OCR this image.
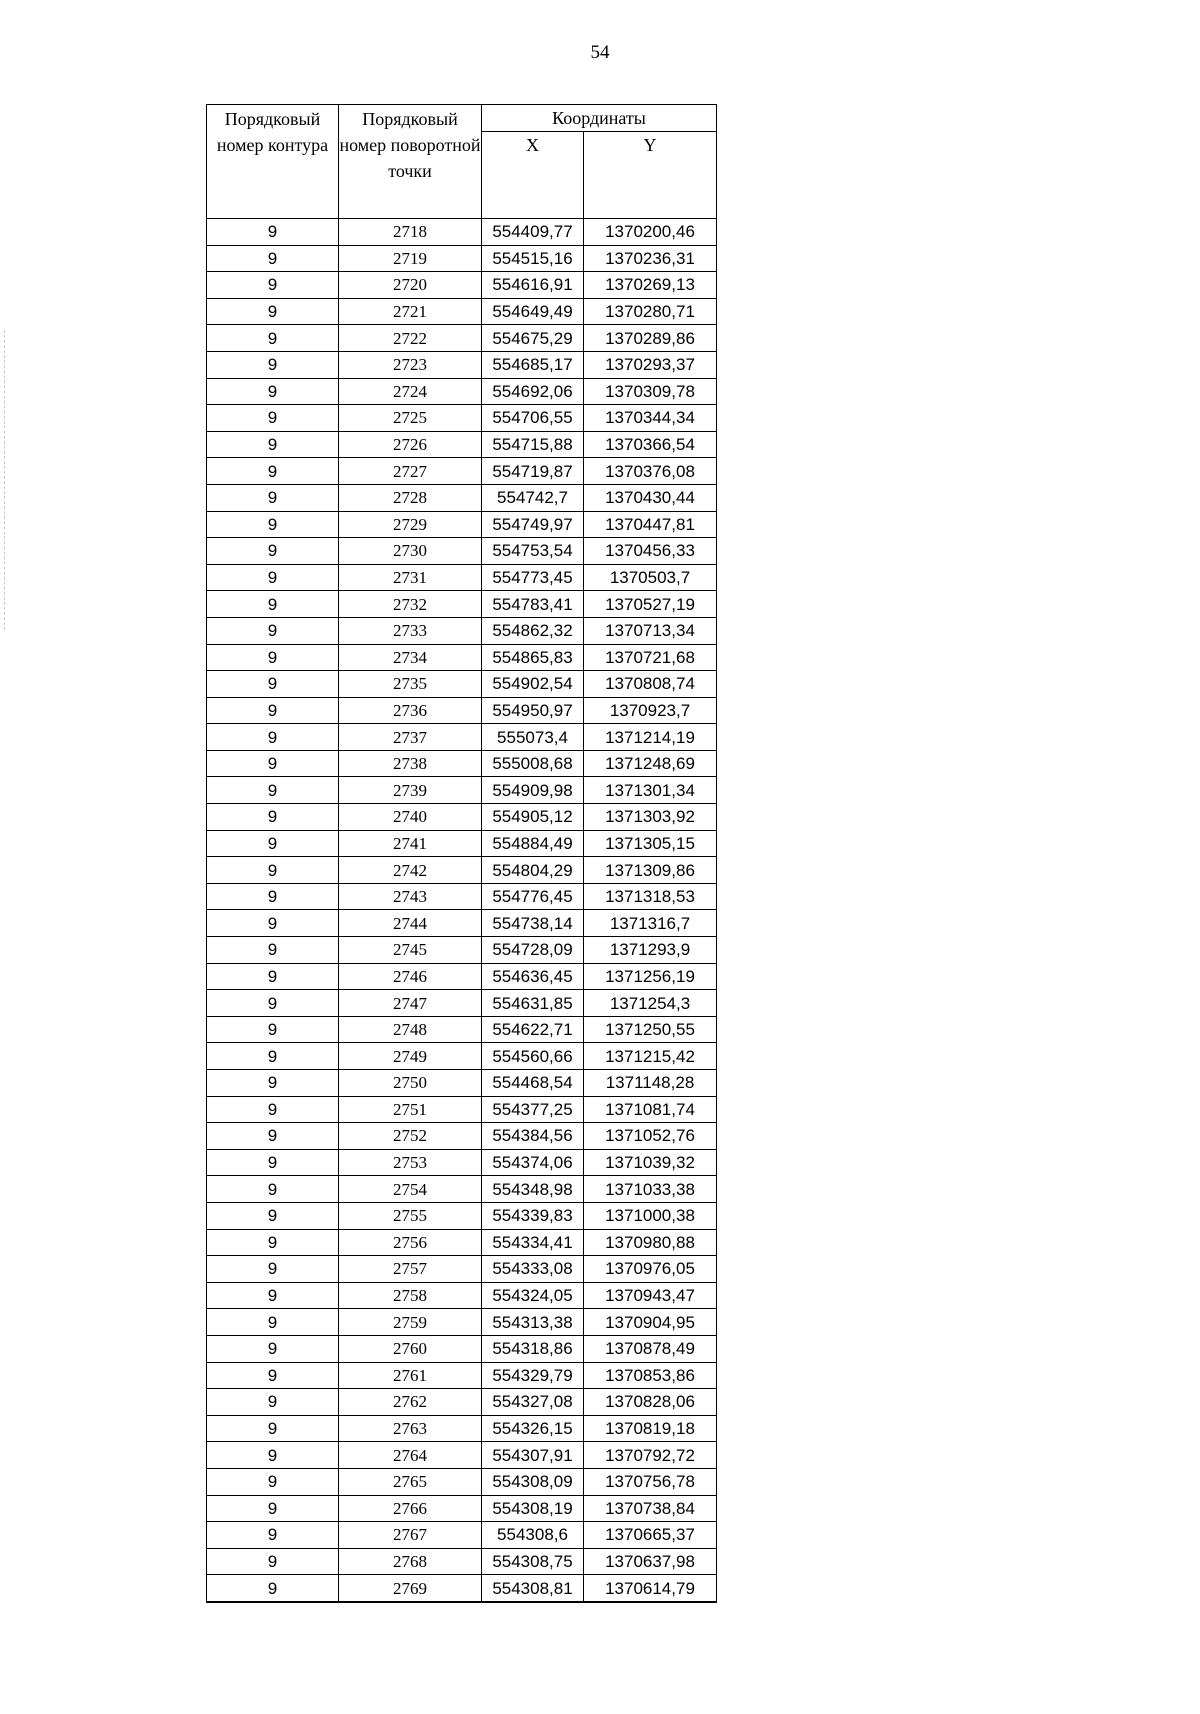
54
Порядковый номер контура	Порядковый номер поворотной точки	Координаты	
		X	Y
9	2718	554409,77	1370200,46
9	2719	554515,16	1370236,31
9	2720	554616,91	1370269,13
9	2721	554649,49	1370280,71
9	2722	554675,29	1370289,86
9	2723	554685,17	1370293,37
9	2724	554692,06	1370309,78
9	2725	554706,55	1370344,34
9	2726	554715,88	1370366,54
9	2727	554719,87	1370376,08
9	2728	554742,7	1370430,44
9	2729	554749,97	1370447,81
9	2730	554753,54	1370456,33
9	2731	554773,45	1370503,7
9	2732	554783,41	1370527,19
9	2733	554862,32	1370713,34
9	2734	554865,83	1370721,68
9	2735	554902,54	1370808,74
9	2736	554950,97	1370923,7
9	2737	555073,4	1371214,19
9	2738	555008,68	1371248,69
9	2739	554909,98	1371301,34
9	2740	554905,12	1371303,92
9	2741	554884,49	1371305,15
9	2742	554804,29	1371309,86
9	2743	554776,45	1371318,53
9	2744	554738,14	1371316,7
9	2745	554728,09	1371293,9
9	2746	554636,45	1371256,19
9	2747	554631,85	1371254,3
9	2748	554622,71	1371250,55
9	2749	554560,66	1371215,42
9	2750	554468,54	1371148,28
9	2751	554377,25	1371081,74
9	2752	554384,56	1371052,76
9	2753	554374,06	1371039,32
9	2754	554348,98	1371033,38
9	2755	554339,83	1371000,38
9	2756	554334,41	1370980,88
9	2757	554333,08	1370976,05
9	2758	554324,05	1370943,47
9	2759	554313,38	1370904,95
9	2760	554318,86	1370878,49
9	2761	554329,79	1370853,86
9	2762	554327,08	1370828,06
9	2763	554326,15	1370819,18
9	2764	554307,91	1370792,72
9	2765	554308,09	1370756,78
9	2766	554308,19	1370738,84
9	2767	554308,6	1370665,37
9	2768	554308,75	1370637,98
9	2769	554308,81	1370614,79
